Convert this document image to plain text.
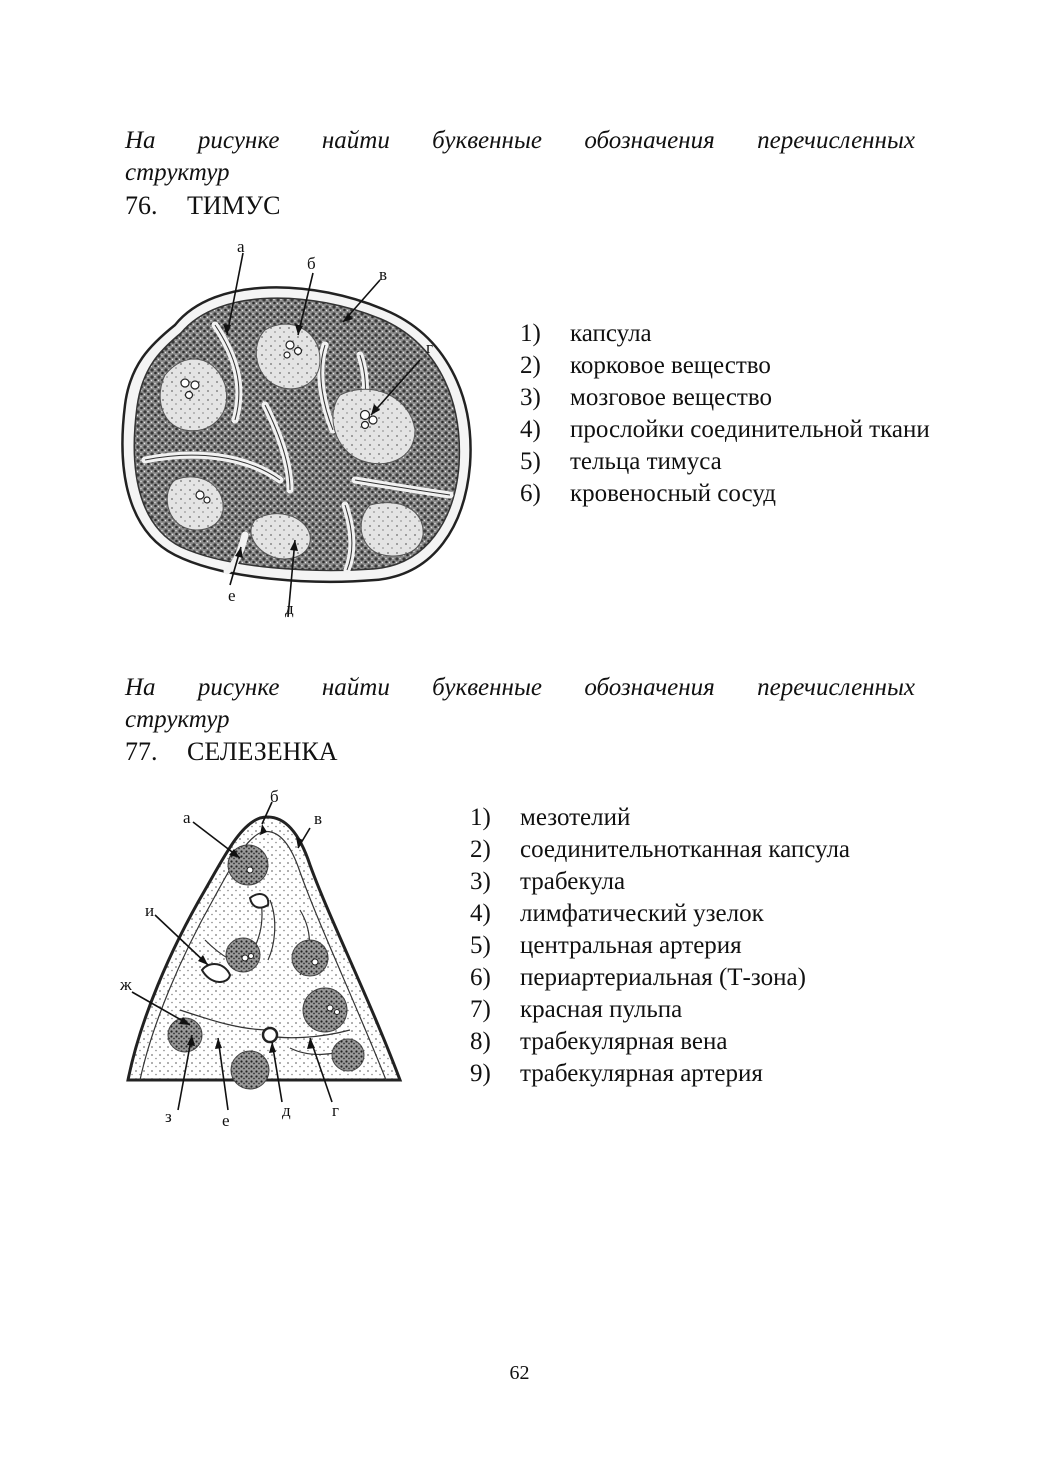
На рисунке найти буквенные обозначения перечисленных
структур
76. ТИМУС
а
б
в
г
д
е
1)	капсула
2)	корковое вещество
3)	мозговое вещество
4)	прослойки соединительной ткани
5)	тельца тимуса
6)	кровеносный сосуд
На рисунке найти буквенные обозначения перечисленных
структур
77. СЕЛЕЗЕНКА
а
б
в
г
д
е
ж
з
и
1)	мезотелий
2)	соединительнотканная капсула
3)	трабекула
4)	лимфатический узелок
5)	центральная артерия
6)	периартериальная (Т-зона)
7)	красная пульпа
8)	трабекулярная вена
9)	трабекулярная артерия
62
